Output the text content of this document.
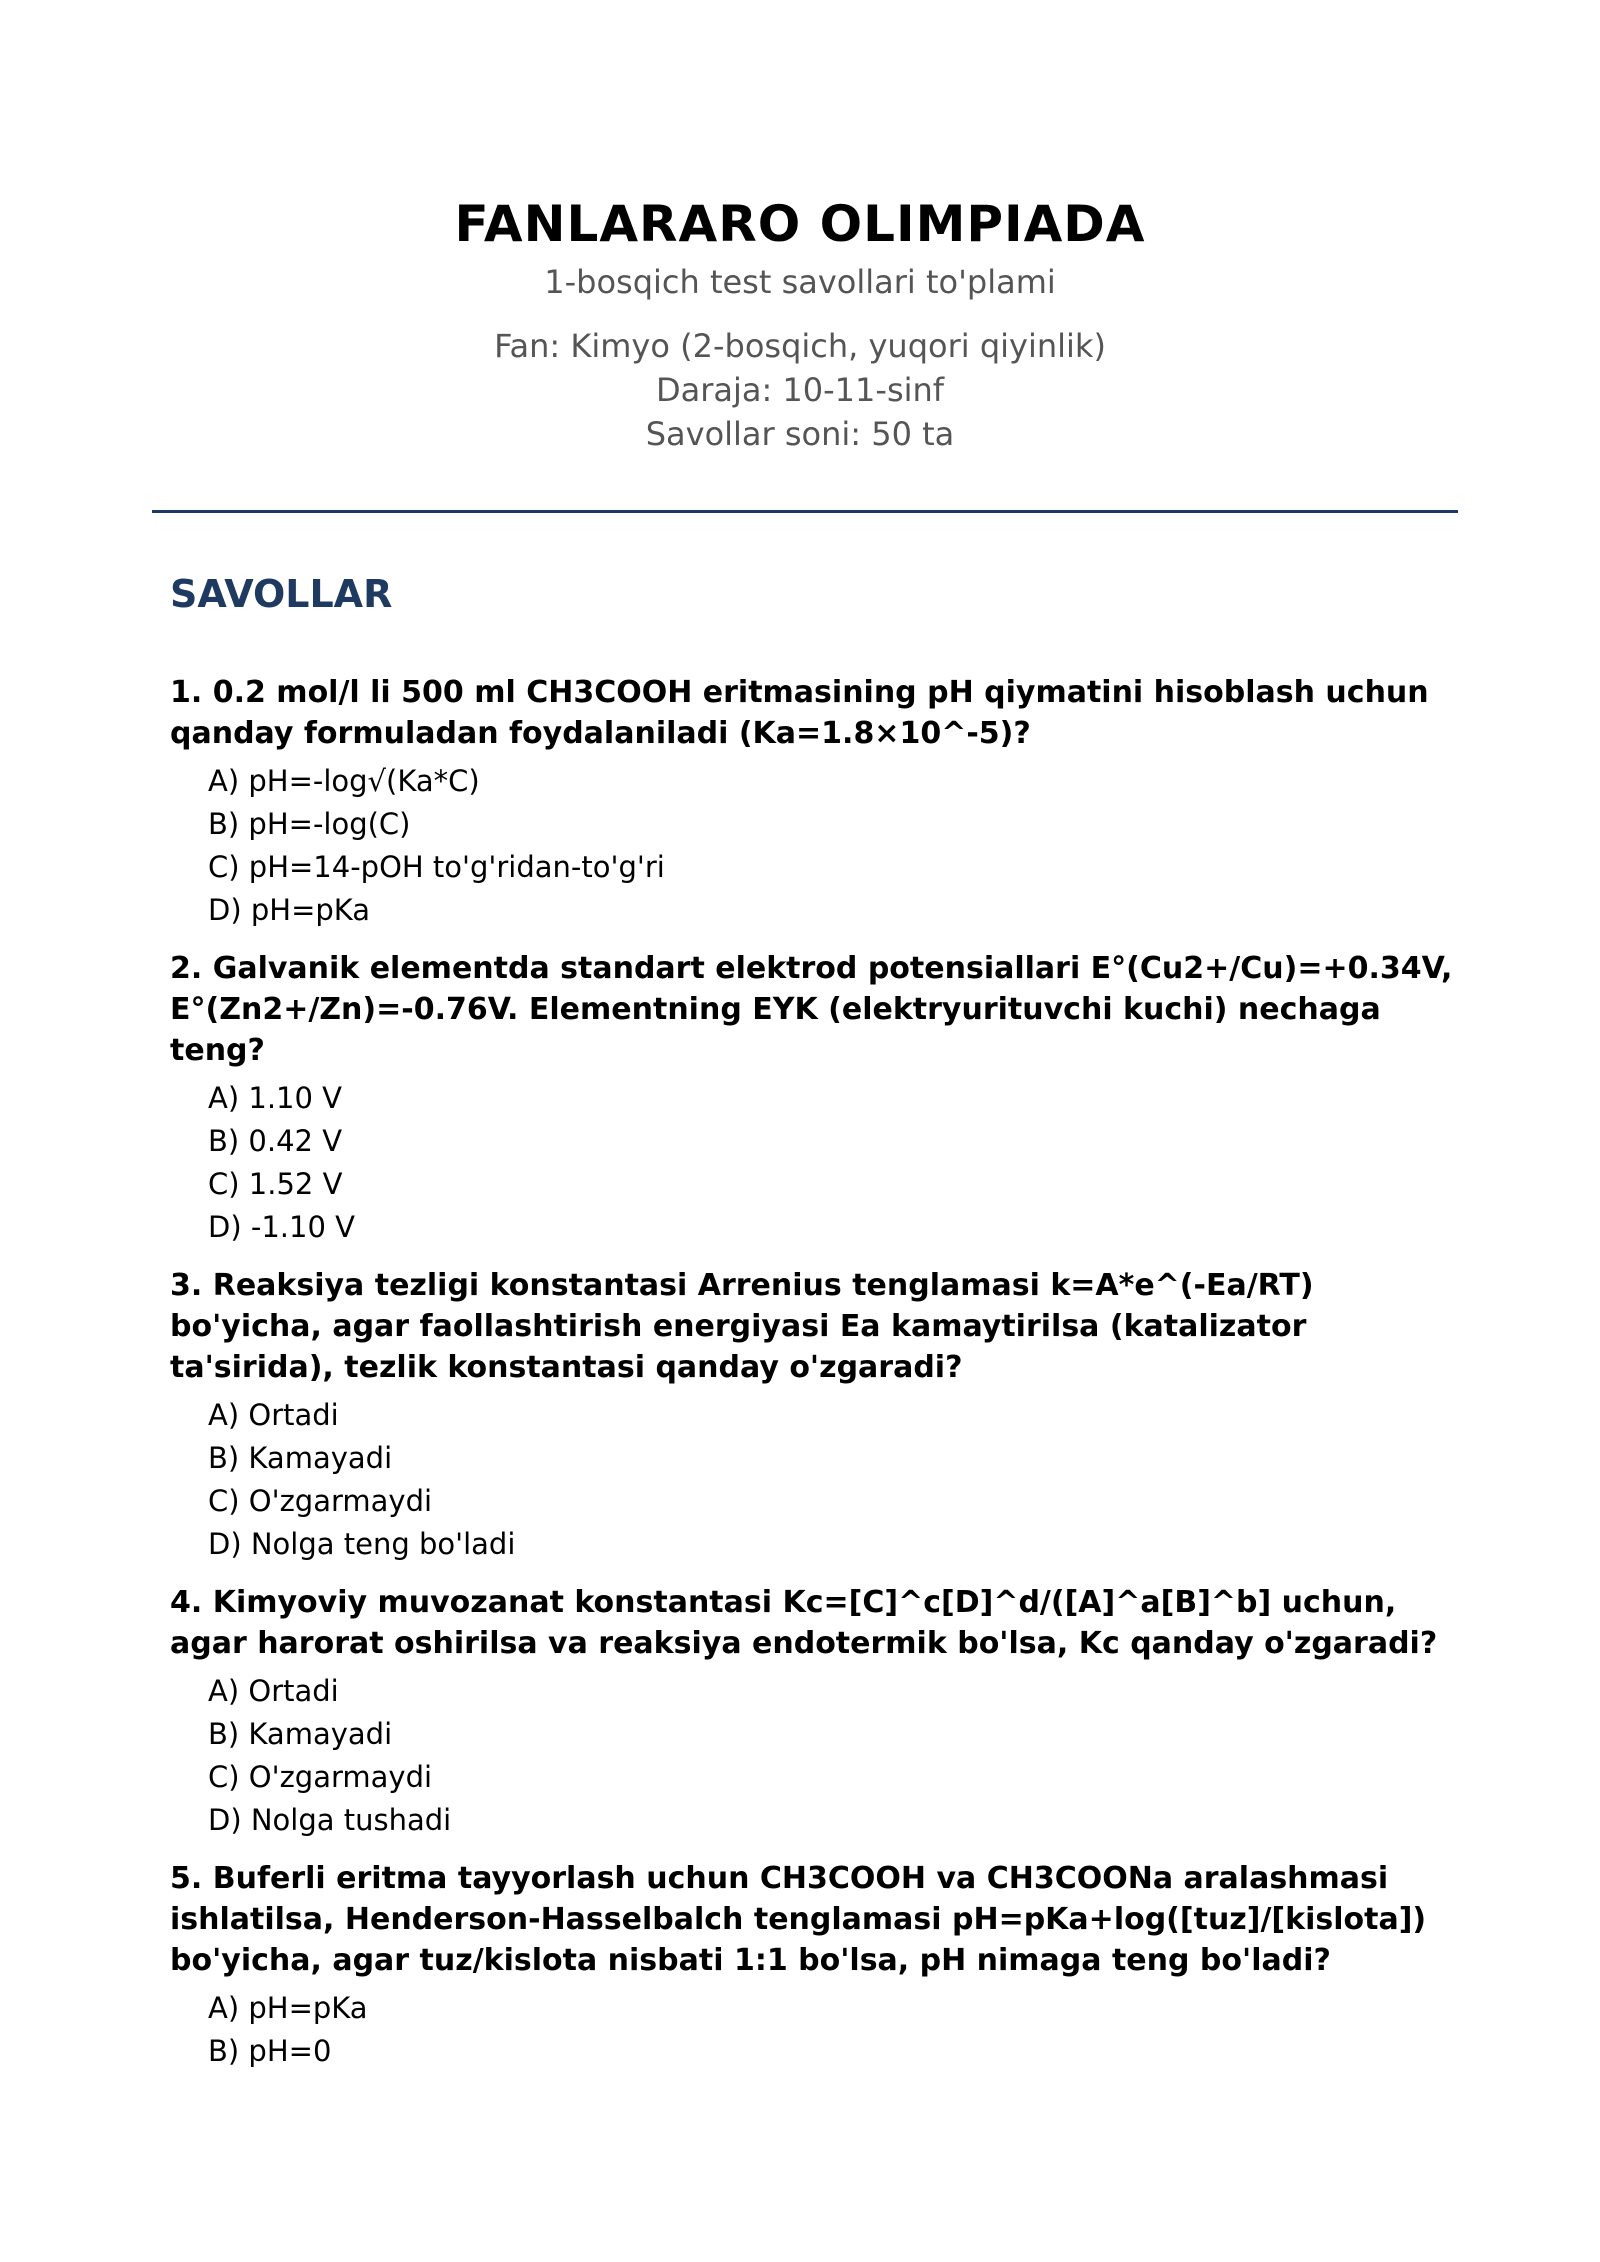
FANLARARO OLIMPIADA
1-bosqich test savollari to'plami
Fan: Kimyo (2-bosqich, yuqori qiyinlik)
Daraja: 10-11-sinf
Savollar soni: 50 ta
SAVOLLAR
1. 0.2 mol/l li 500 ml CH3COOH eritmasining pH qiymatini hisoblash uchun qanday formuladan foydalaniladi (Ka=1.8×10^-5)?
A) pH=-log√(Ka*C)
B) pH=-log(C)
C) pH=14-pOH to'g'ridan-to'g'ri
D) pH=pKa
2. Galvanik elementda standart elektrod potensiallari E°(Cu2+/Cu)=+0.34V, E°(Zn2+/Zn)=-0.76V. Elementning EYK (elektryurituvchi kuchi) nechaga teng?
A) 1.10 V
B) 0.42 V
C) 1.52 V
D) -1.10 V
3. Reaksiya tezligi konstantasi Arrenius tenglamasi k=A*e^(-Ea/RT) bo'yicha, agar faollashtirish energiyasi Ea kamaytirilsa (katalizator ta'sirida), tezlik konstantasi qanday o'zgaradi?
A) Ortadi
B) Kamayadi
C) O'zgarmaydi
D) Nolga teng bo'ladi
4. Kimyoviy muvozanat konstantasi Kc=[C]^c[D]^d/([A]^a[B]^b] uchun, agar harorat oshirilsa va reaksiya endotermik bo'lsa, Kc qanday o'zgaradi?
A) Ortadi
B) Kamayadi
C) O'zgarmaydi
D) Nolga tushadi
5. Buferli eritma tayyorlash uchun CH3COOH va CH3COONa aralashmasi ishlatilsa, Henderson-Hasselbalch tenglamasi pH=pKa+log([tuz]/[kislota]) bo'yicha, agar tuz/kislota nisbati 1:1 bo'lsa, pH nimaga teng bo'ladi?
A) pH=pKa
B) pH=0
